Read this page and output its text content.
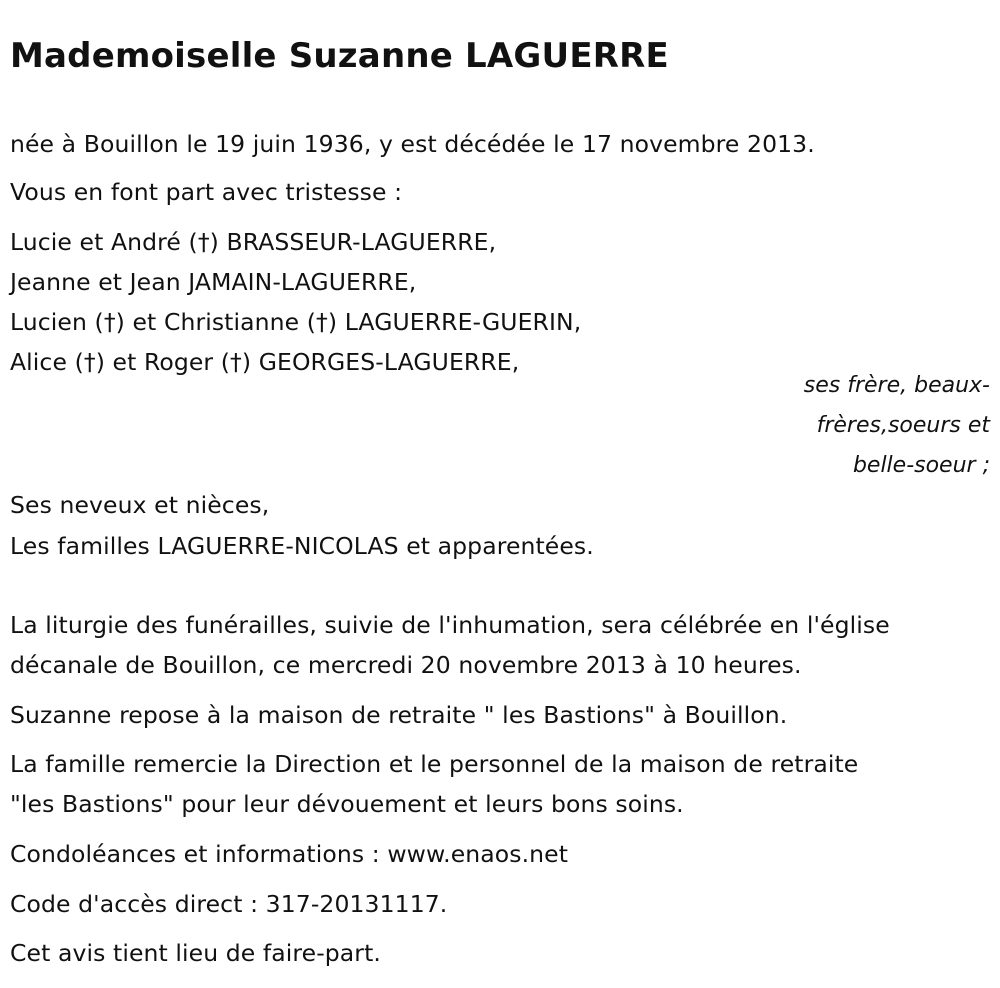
Mademoiselle Suzanne LAGUERRE
née à Bouillon le 19 juin 1936, y est décédée le 17 novembre 2013.
Vous en font part avec tristesse :
Lucie et André (†) BRASSEUR-LAGUERRE,
Jeanne et Jean JAMAIN-LAGUERRE,
Lucien (†) et Christianne (†) LAGUERRE-GUERIN,
Alice (†) et Roger (†) GEORGES-LAGUERRE,
ses frère, beaux-
frères,soeurs et
belle-soeur ;
Ses neveux et nièces,
Les familles LAGUERRE-NICOLAS et apparentées.
La liturgie des funérailles, suivie de l'inhumation, sera célébrée en l'église
décanale de Bouillon, ce mercredi 20 novembre 2013 à 10 heures.
Suzanne repose à la maison de retraite " les Bastions" à Bouillon.
La famille remercie la Direction et le personnel de la maison de retraite
"les Bastions" pour leur dévouement et leurs bons soins.
Condoléances et informations : www.enaos.net
Code d'accès direct : 317-20131117.
Cet avis tient lieu de faire-part.
